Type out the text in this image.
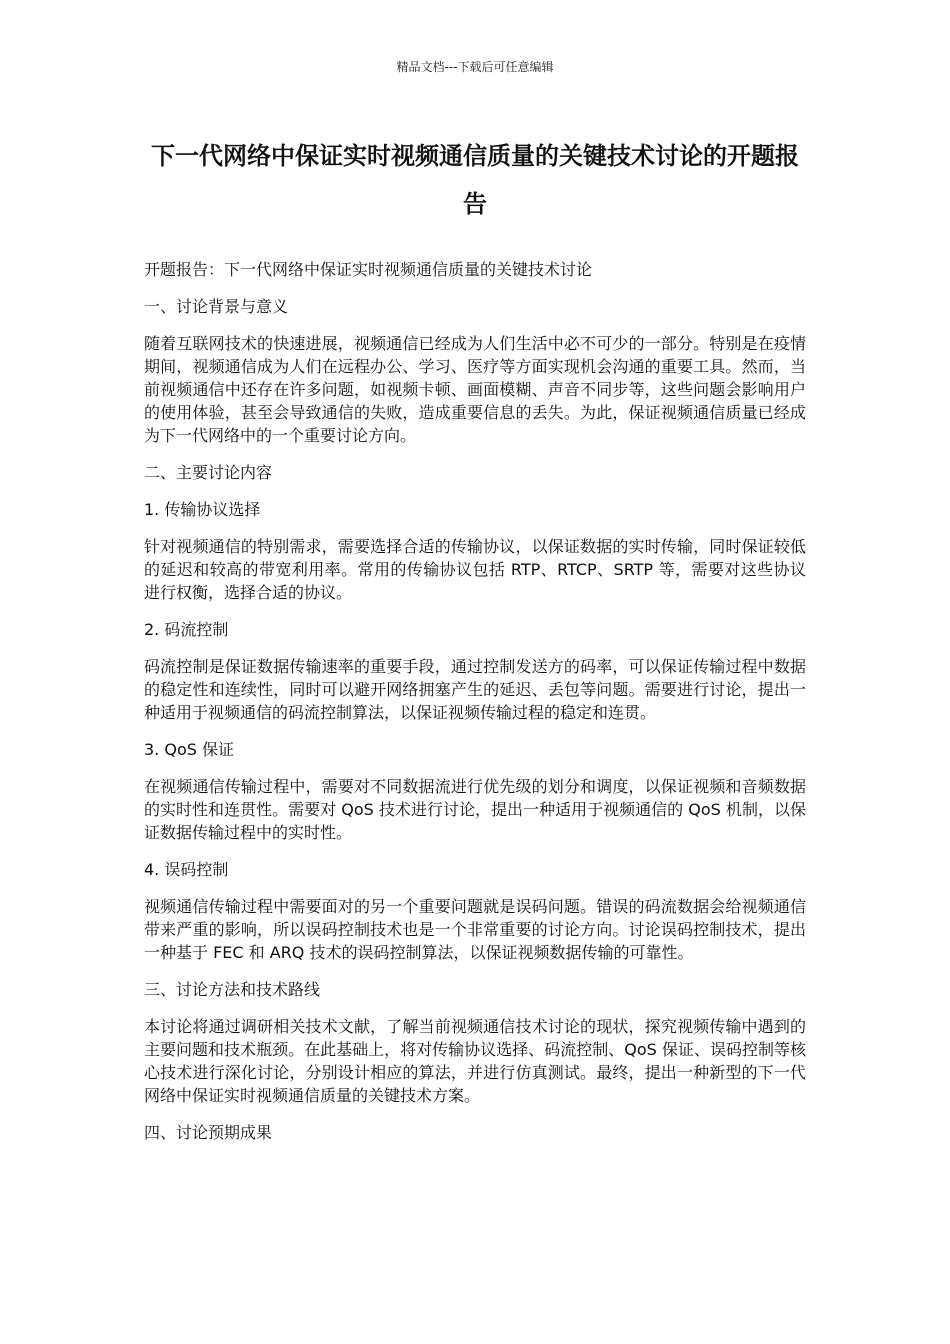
精品文档---下载后可任意编辑
下一代网络中保证实时视频通信质量的关键技术讨论的开题报告

开题报告：下一代网络中保证实时视频通信质量的关键技术讨论

一、讨论背景与意义

随着互联网技术的快速进展，视频通信已经成为人们生活中必不可少的一部分。特别是在疫情期间，视频通信成为人们在远程办公、学习、医疗等方面实现机会沟通的重要工具。然而，当前视频通信中还存在许多问题，如视频卡顿、画面模糊、声音不同步等，这些问题会影响用户的使用体验，甚至会导致通信的失败，造成重要信息的丢失。为此，保证视频通信质量已经成为下一代网络中的一个重要讨论方向。

二、主要讨论内容

1. 传输协议选择

针对视频通信的特别需求，需要选择合适的传输协议，以保证数据的实时传输，同时保证较低的延迟和较高的带宽利用率。常用的传输协议包括 RTP、RTCP、SRTP 等，需要对这些协议进行权衡，选择合适的协议。

2. 码流控制

码流控制是保证数据传输速率的重要手段，通过控制发送方的码率，可以保证传输过程中数据的稳定性和连续性，同时可以避开网络拥塞产生的延迟、丢包等问题。需要进行讨论，提出一种适用于视频通信的码流控制算法，以保证视频传输过程的稳定和连贯。

3. QoS 保证

在视频通信传输过程中，需要对不同数据流进行优先级的划分和调度，以保证视频和音频数据的实时性和连贯性。需要对 QoS 技术进行讨论，提出一种适用于视频通信的 QoS 机制，以保证数据传输过程中的实时性。

4. 误码控制

视频通信传输过程中需要面对的另一个重要问题就是误码问题。错误的码流数据会给视频通信带来严重的影响，所以误码控制技术也是一个非常重要的讨论方向。讨论误码控制技术，提出一种基于 FEC 和 ARQ 技术的误码控制算法，以保证视频数据传输的可靠性。

三、讨论方法和技术路线

本讨论将通过调研相关技术文献，了解当前视频通信技术讨论的现状，探究视频传输中遇到的主要问题和技术瓶颈。在此基础上，将对传输协议选择、码流控制、QoS 保证、误码控制等核心技术进行深化讨论，分别设计相应的算法，并进行仿真测试。最终，提出一种新型的下一代网络中保证实时视频通信质量的关键技术方案。

四、讨论预期成果
